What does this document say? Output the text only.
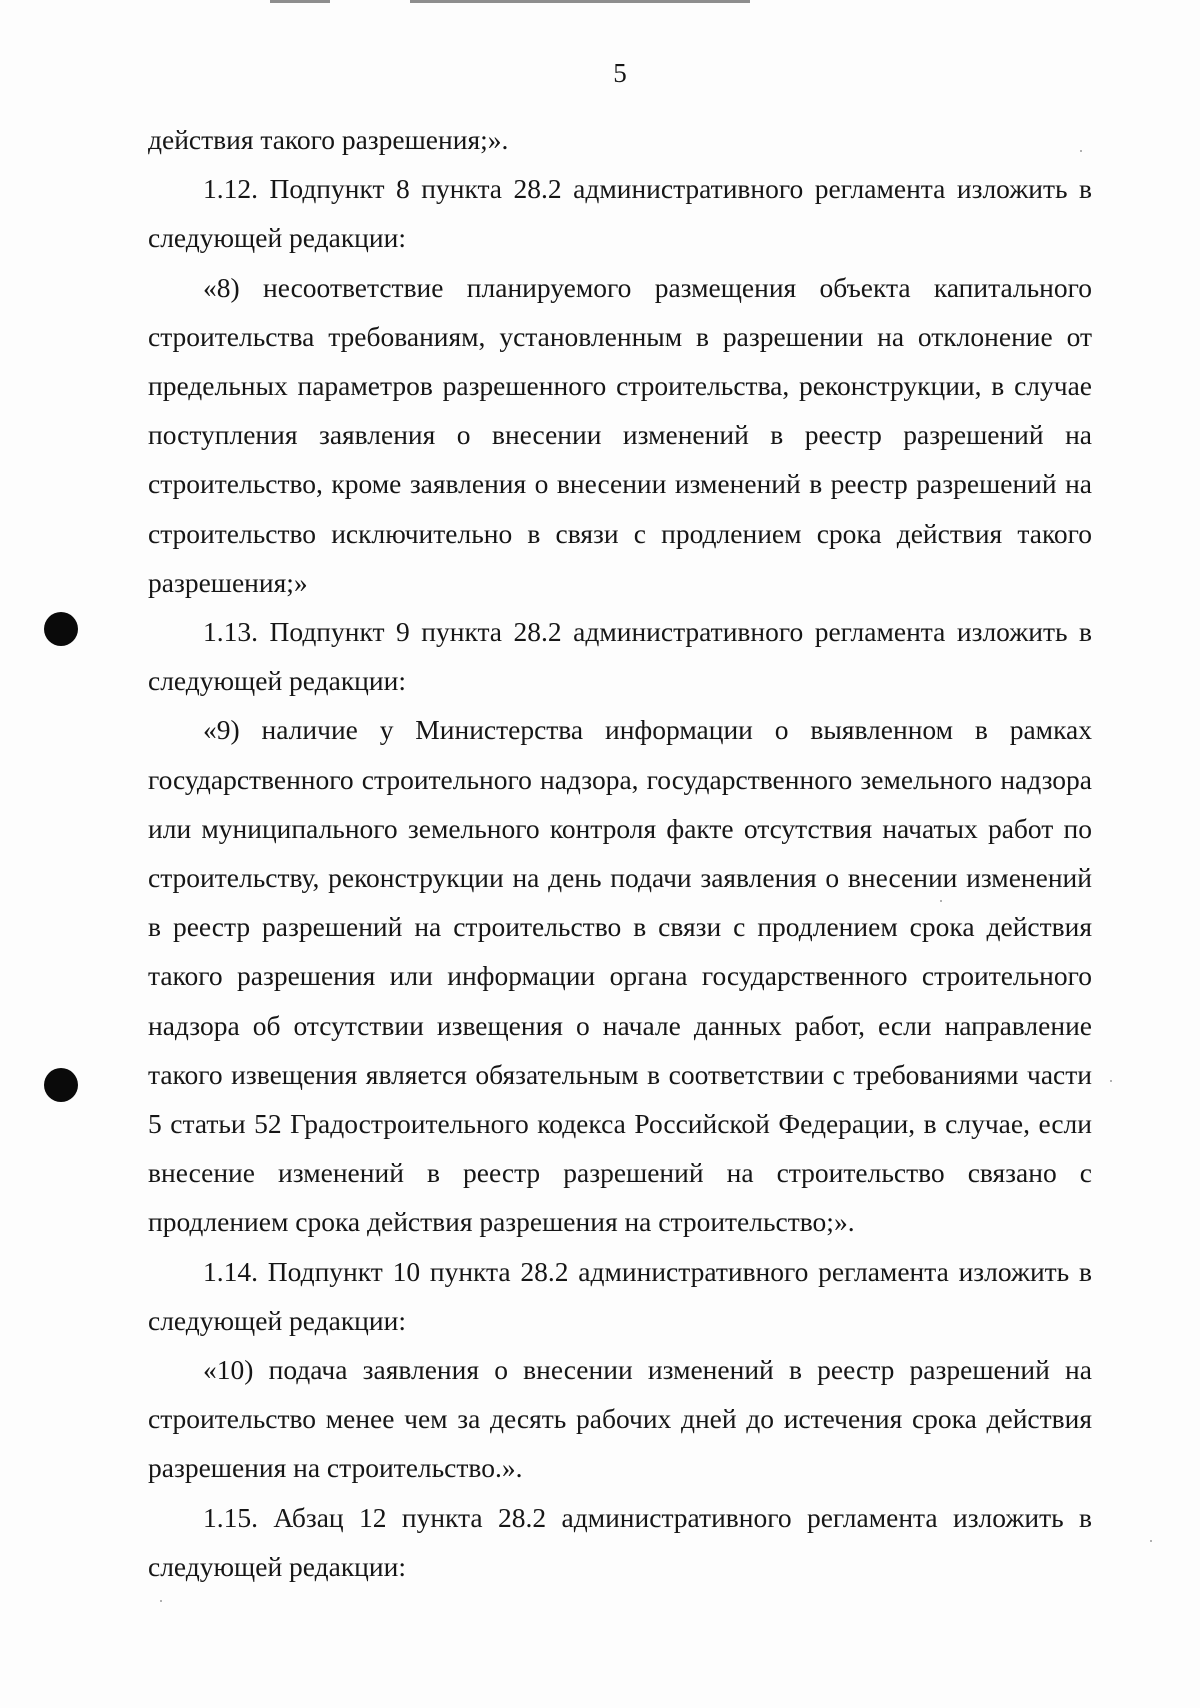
5

действия такого разрешения;».

1.12. Подпункт 8 пункта 28.2 административного регламента изложить в следующей редакции:

«8) несоответствие планируемого размещения объекта капитального строительства требованиям, установленным в разрешении на отклонение от предельных параметров разрешенного строительства, реконструкции, в случае поступления заявления о внесении изменений в реестр разрешений на строительство, кроме заявления о внесении изменений в реестр разрешений на строительство исключительно в связи с продлением срока действия такого разрешения;»

1.13. Подпункт 9 пункта 28.2 административного регламента изложить в следующей редакции:

«9) наличие у Министерства информации о выявленном в рамках государственного строительного надзора, государственного земельного надзора или муниципального земельного контроля факте отсутствия начатых работ по строительству, реконструкции на день подачи заявления о внесении изменений в реестр разрешений на строительство в связи с продлением срока действия такого разрешения или информации органа государственного строительного надзора об отсутствии извещения о начале данных работ, если направление такого извещения является обязательным в соответствии с требованиями части 5 статьи 52 Градостроительного кодекса Российской Федерации, в случае, если внесение изменений в реестр разрешений на строительство связано с продлением срока действия разрешения на строительство;».

1.14. Подпункт 10 пункта 28.2 административного регламента изложить в следующей редакции:

«10) подача заявления о внесении изменений в реестр разрешений на строительство менее чем за десять рабочих дней до истечения срока действия разрешения на строительство.».

1.15. Абзац 12 пункта 28.2 административного регламента изложить в следующей редакции:
